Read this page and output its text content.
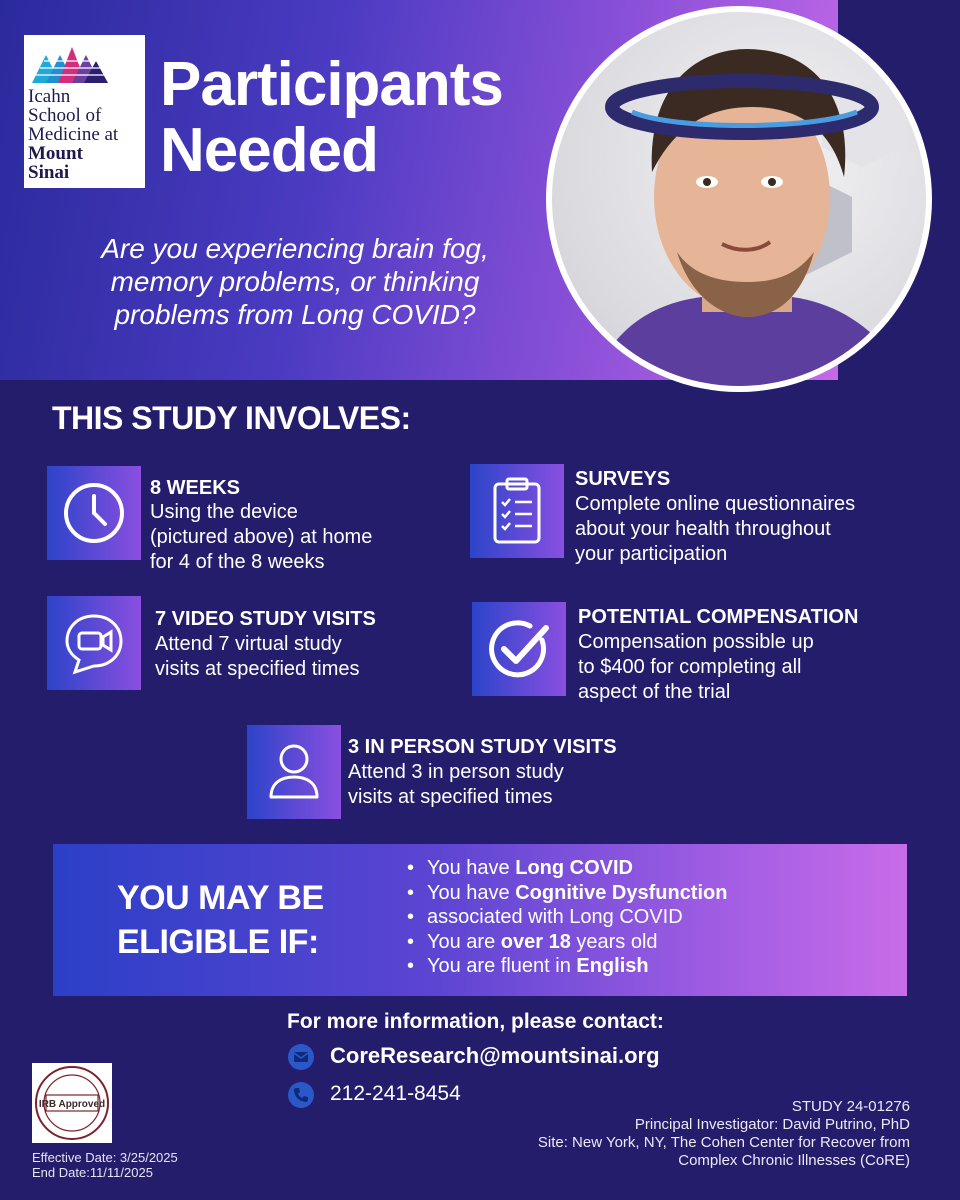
Icahn
School of
Medicine at
Mount
Sinai
Participants
Needed
Are you experiencing brain fog, memory problems, or thinking problems from Long COVID?
THIS STUDY INVOLVES:
8 WEEKS
Using the device
(pictured above) at home
for 4 of the 8 weeks
SURVEYS
Complete online questionnaires
about your health throughout
your participation
7 VIDEO STUDY VISITS
Attend 7 virtual study
visits at specified times
POTENTIAL COMPENSATION
Compensation possible up
to $400 for completing all
aspect of the trial
3 IN PERSON STUDY VISITS
Attend 3 in person study
visits at specified times
YOU MAY BE
ELIGIBLE IF:
• You have Long COVID
• You have Cognitive Dysfunction
• associated with Long COVID
• You are over 18 years old
• You are fluent in English
For more information, please contact:
CoreResearch@mountsinai.org
212-241-8454
IRB Approved
Effective Date: 3/25/2025
End Date:11/11/2025
STUDY 24-01276
Principal Investigator: David Putrino, PhD
Site: New York, NY, The Cohen Center for Recover from
Complex Chronic Illnesses (CoRE)
